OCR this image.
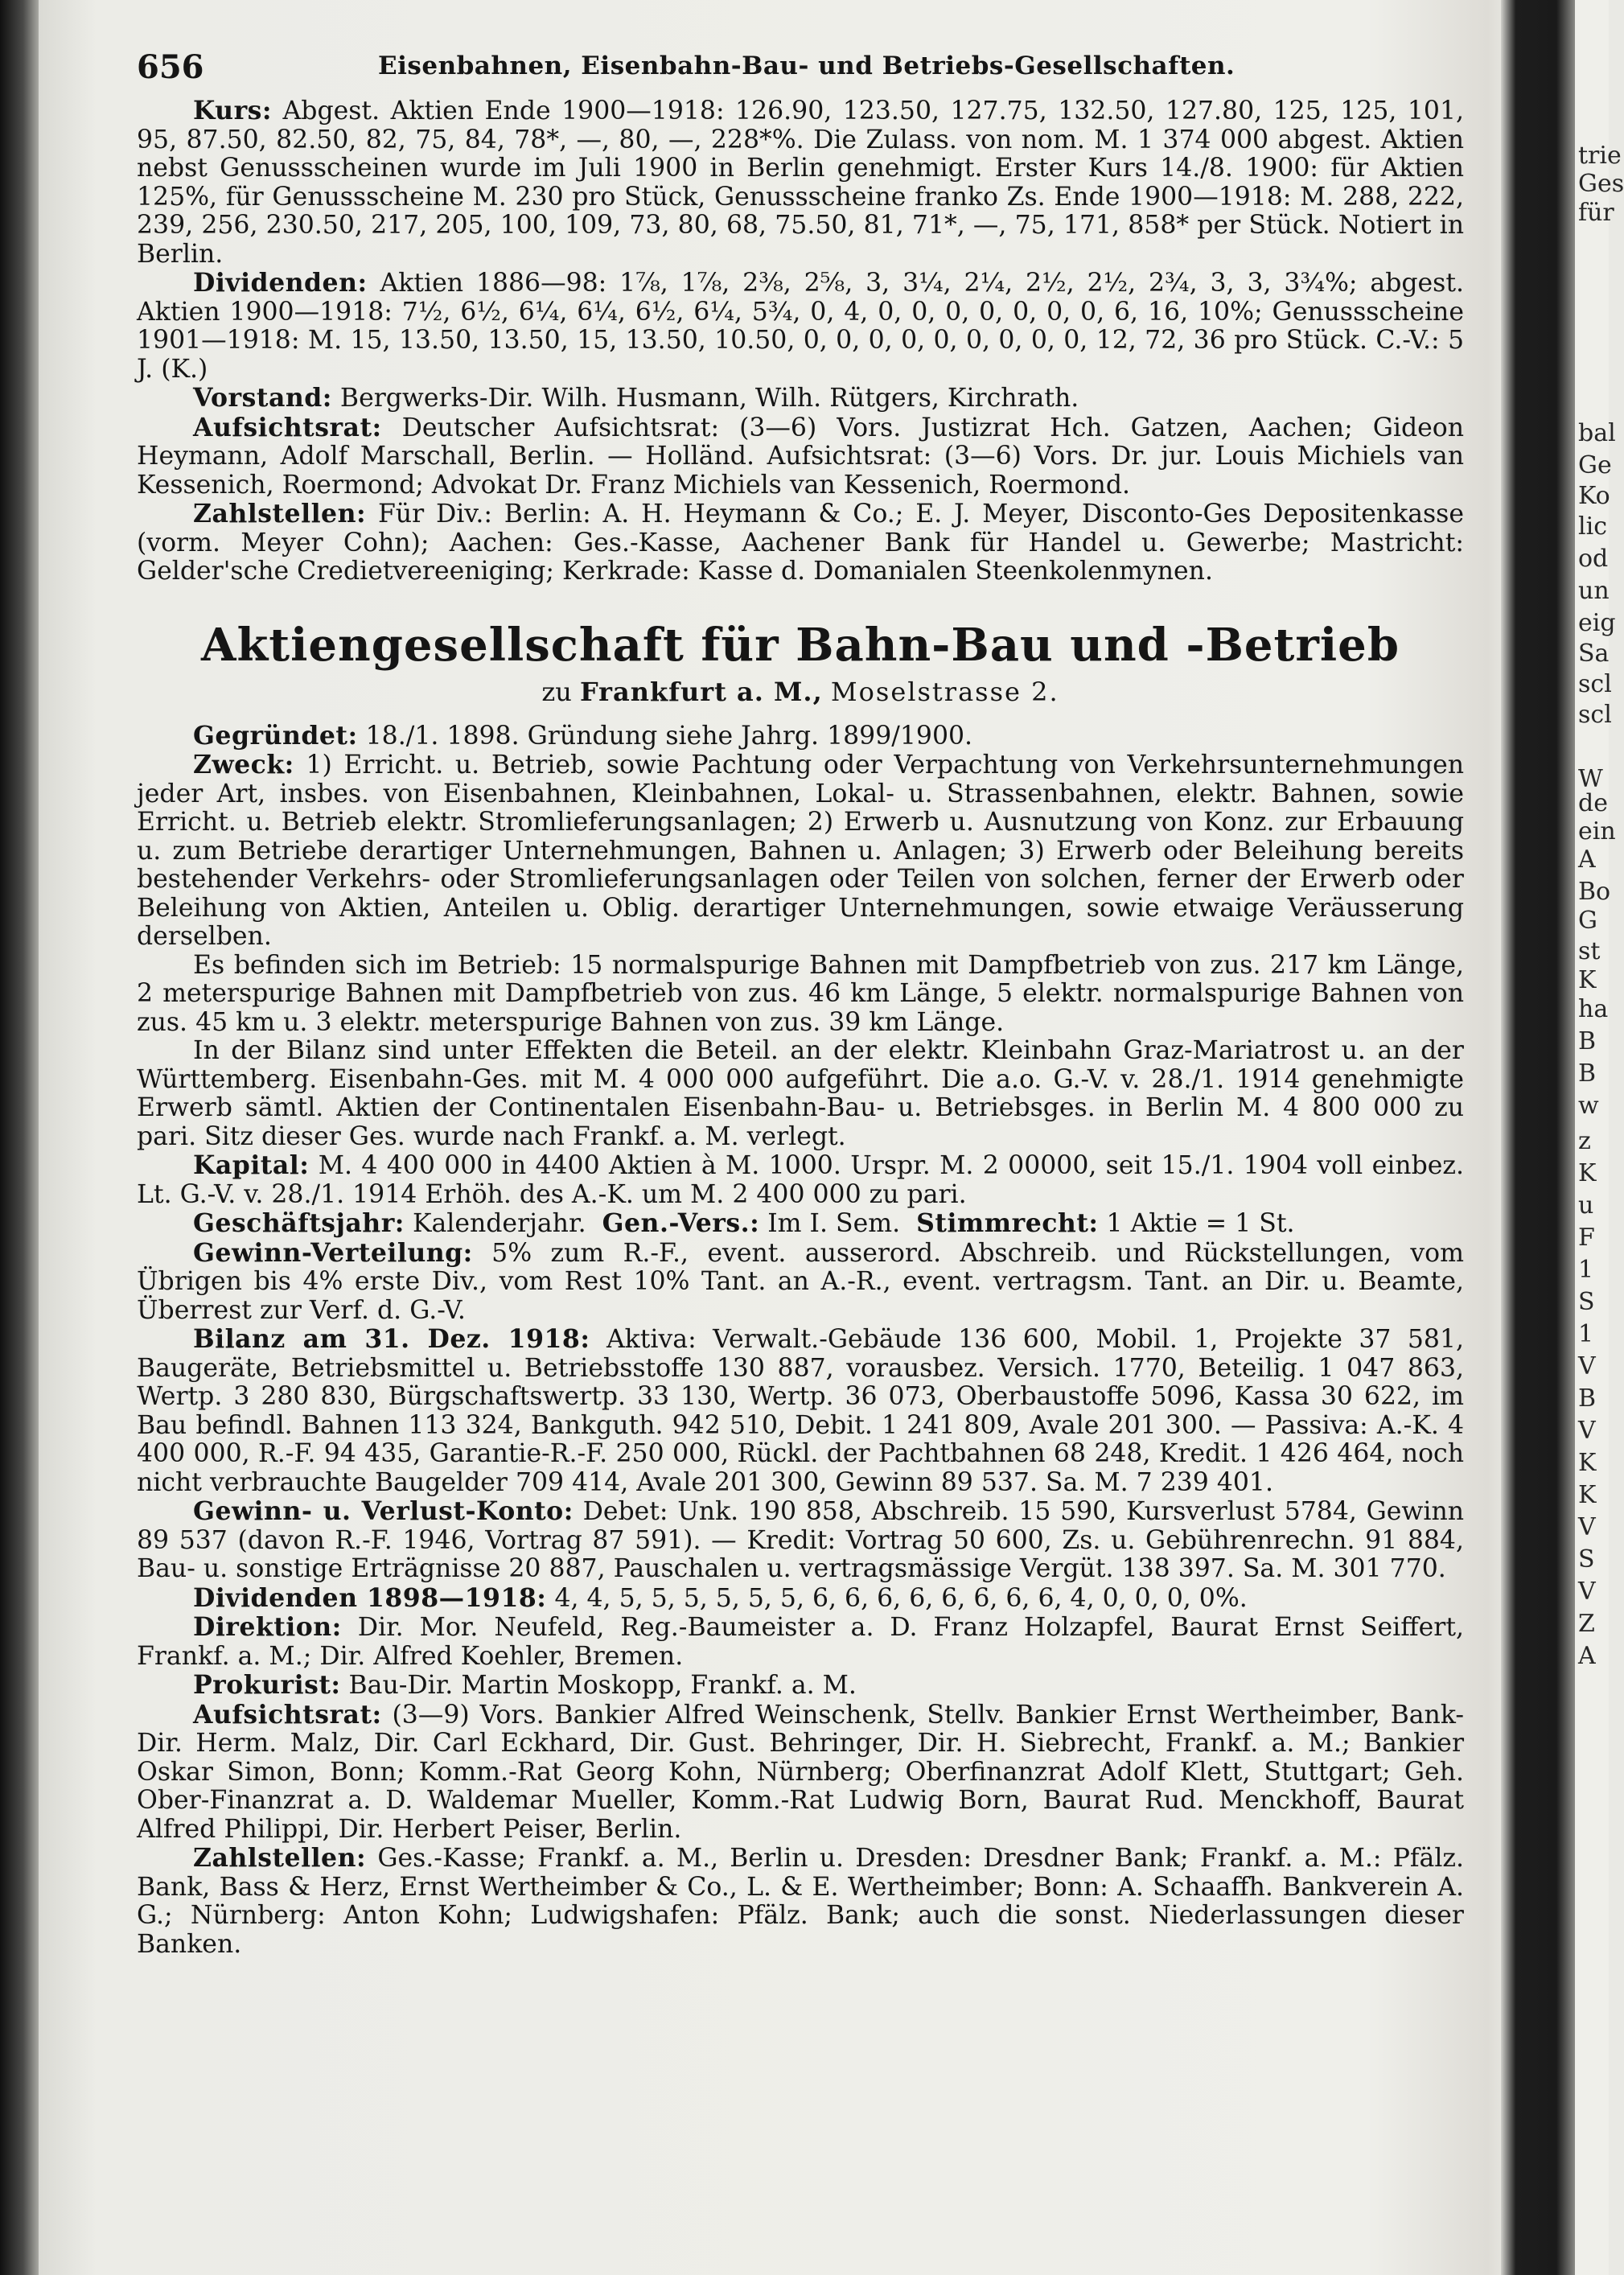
trie
Ges
für
bal
Ge
Ko
lic
od
un
eig
Sa
scl
scl
W
de
ein
A
Bo
G
st
K
ha
B
B
w
z
K
u
F
1
S
1
V
B
V
K
K
V
S
V
Z
A
656	Eisenbahnen, Eisenbahn-Bau- und Betriebs-Gesellschaften.

Kurs: Abgest. Aktien Ende 1900—1918: 126.90, 123.50, 127.75, 132.50, 127.80, 125, 125, 101, 95, 87.50, 82.50, 82, 75, 84, 78*, —, 80, —, 228*%. Die Zulass. von nom. M. 1 374 000 abgest. Aktien nebst Genussscheinen wurde im Juli 1900 in Berlin genehmigt. Erster Kurs 14./8. 1900: für Aktien 125%, für Genussscheine M. 230 pro Stück, Genussscheine franko Zs. Ende 1900—1918: M. 288, 222, 239, 256, 230.50, 217, 205, 100, 109, 73, 80, 68, 75.50, 81, 71*, —, 75, 171, 858* per Stück. Notiert in Berlin.

Dividenden: Aktien 1886—98: 1⅞, 1⅞, 2⅜, 2⅝, 3, 3¼, 2¼, 2½, 2½, 2¾, 3, 3, 3¾%; abgest. Aktien 1900—1918: 7½, 6½, 6¼, 6¼, 6½, 6¼, 5¾, 0, 4, 0, 0, 0, 0, 0, 0, 0, 6, 16, 10%; Genussscheine 1901—1918: M. 15, 13.50, 13.50, 15, 13.50, 10.50, 0, 0, 0, 0, 0, 0, 0, 0, 0, 12, 72, 36 pro Stück. C.-V.: 5 J. (K.)

Vorstand: Bergwerks-Dir. Wilh. Husmann, Wilh. Rütgers, Kirchrath.

Aufsichtsrat: Deutscher Aufsichtsrat: (3—6) Vors. Justizrat Hch. Gatzen, Aachen; Gideon Heymann, Adolf Marschall, Berlin. — Holländ. Aufsichtsrat: (3—6) Vors. Dr. jur. Louis Michiels van Kessenich, Roermond; Advokat Dr. Franz Michiels van Kessenich, Roermond.

Zahlstellen: Für Div.: Berlin: A. H. Heymann & Co.; E. J. Meyer, Disconto-Ges Depositenkasse (vorm. Meyer Cohn); Aachen: Ges.-Kasse, Aachener Bank für Handel u. Gewerbe; Mastricht: Gelder'sche Credietvereeniging; Kerkrade: Kasse d. Domanialen Steenkolenmynen.

Aktiengesellschaft für Bahn-Bau und -Betrieb
zu Frankfurt a. M., Moselstrasse 2.

Gegründet: 18./1. 1898. Gründung siehe Jahrg. 1899/1900.

Zweck: 1) Erricht. u. Betrieb, sowie Pachtung oder Verpachtung von Verkehrsunternehmungen jeder Art, insbes. von Eisenbahnen, Kleinbahnen, Lokal- u. Strassenbahnen, elektr. Bahnen, sowie Erricht. u. Betrieb elektr. Stromlieferungsanlagen; 2) Erwerb u. Ausnutzung von Konz. zur Erbauung u. zum Betriebe derartiger Unternehmungen, Bahnen u. Anlagen; 3) Erwerb oder Beleihung bereits bestehender Verkehrs- oder Stromlieferungsanlagen oder Teilen von solchen, ferner der Erwerb oder Beleihung von Aktien, Anteilen u. Oblig. derartiger Unternehmungen, sowie etwaige Veräusserung derselben.

Es befinden sich im Betrieb: 15 normalspurige Bahnen mit Dampfbetrieb von zus. 217 km Länge, 2 meterspurige Bahnen mit Dampfbetrieb von zus. 46 km Länge, 5 elektr. normalspurige Bahnen von zus. 45 km u. 3 elektr. meterspurige Bahnen von zus. 39 km Länge.

In der Bilanz sind unter Effekten die Beteil. an der elektr. Kleinbahn Graz-Mariatrost u. an der Württemberg. Eisenbahn-Ges. mit M. 4 000 000 aufgeführt. Die a.o. G.-V. v. 28./1. 1914 genehmigte Erwerb sämtl. Aktien der Continentalen Eisenbahn-Bau- u. Betriebsges. in Berlin M. 4 800 000 zu pari. Sitz dieser Ges. wurde nach Frankf. a. M. verlegt.

Kapital: M. 4 400 000 in 4400 Aktien à M. 1000. Urspr. M. 2 00000, seit 15./1. 1904 voll einbez. Lt. G.-V. v. 28./1. 1914 Erhöh. des A.-K. um M. 2 400 000 zu pari.

Geschäftsjahr: Kalenderjahr. Gen.-Vers.: Im I. Sem. Stimmrecht: 1 Aktie = 1 St.

Gewinn-Verteilung: 5% zum R.-F., event. ausserord. Abschreib. und Rückstellungen, vom Übrigen bis 4% erste Div., vom Rest 10% Tant. an A.-R., event. vertragsm. Tant. an Dir. u. Beamte, Überrest zur Verf. d. G.-V.

Bilanz am 31. Dez. 1918: Aktiva: Verwalt.-Gebäude 136 600, Mobil. 1, Projekte 37 581, Baugeräte, Betriebsmittel u. Betriebsstoffe 130 887, vorausbez. Versich. 1770, Beteilig. 1 047 863, Wertp. 3 280 830, Bürgschaftswertp. 33 130, Wertp. 36 073, Oberbaustoffe 5096, Kassa 30 622, im Bau befindl. Bahnen 113 324, Bankguth. 942 510, Debit. 1 241 809, Avale 201 300. — Passiva: A.-K. 4 400 000, R.-F. 94 435, Garantie-R.-F. 250 000, Rückl. der Pachtbahnen 68 248, Kredit. 1 426 464, noch nicht verbrauchte Baugelder 709 414, Avale 201 300, Gewinn 89 537. Sa. M. 7 239 401.

Gewinn- u. Verlust-Konto: Debet: Unk. 190 858, Abschreib. 15 590, Kursverlust 5784, Gewinn 89 537 (davon R.-F. 1946, Vortrag 87 591). — Kredit: Vortrag 50 600, Zs. u. Gebührenrechn. 91 884, Bau- u. sonstige Erträgnisse 20 887, Pauschalen u. vertragsmässige Vergüt. 138 397. Sa. M. 301 770.

Dividenden 1898—1918: 4, 4, 5, 5, 5, 5, 5, 5, 6, 6, 6, 6, 6, 6, 6, 6, 4, 0, 0, 0, 0%.

Direktion: Dir. Mor. Neufeld, Reg.-Baumeister a. D. Franz Holzapfel, Baurat Ernst Seiffert, Frankf. a. M.; Dir. Alfred Koehler, Bremen.

Prokurist: Bau-Dir. Martin Moskopp, Frankf. a. M.

Aufsichtsrat: (3—9) Vors. Bankier Alfred Weinschenk, Stellv. Bankier Ernst Wertheimber, Bank-Dir. Herm. Malz, Dir. Carl Eckhard, Dir. Gust. Behringer, Dir. H. Siebrecht, Frankf. a. M.; Bankier Oskar Simon, Bonn; Komm.-Rat Georg Kohn, Nürnberg; Oberfinanzrat Adolf Klett, Stuttgart; Geh. Ober-Finanzrat a. D. Waldemar Mueller, Komm.-Rat Ludwig Born, Baurat Rud. Menckhoff, Baurat Alfred Philippi, Dir. Herbert Peiser, Berlin.

Zahlstellen: Ges.-Kasse; Frankf. a. M., Berlin u. Dresden: Dresdner Bank; Frankf. a. M.: Pfälz. Bank, Bass & Herz, Ernst Wertheimber & Co., L. & E. Wertheimber; Bonn: A. Schaaffh. Bankverein A. G.; Nürnberg: Anton Kohn; Ludwigshafen: Pfälz. Bank; auch die sonst. Niederlassungen dieser Banken.
